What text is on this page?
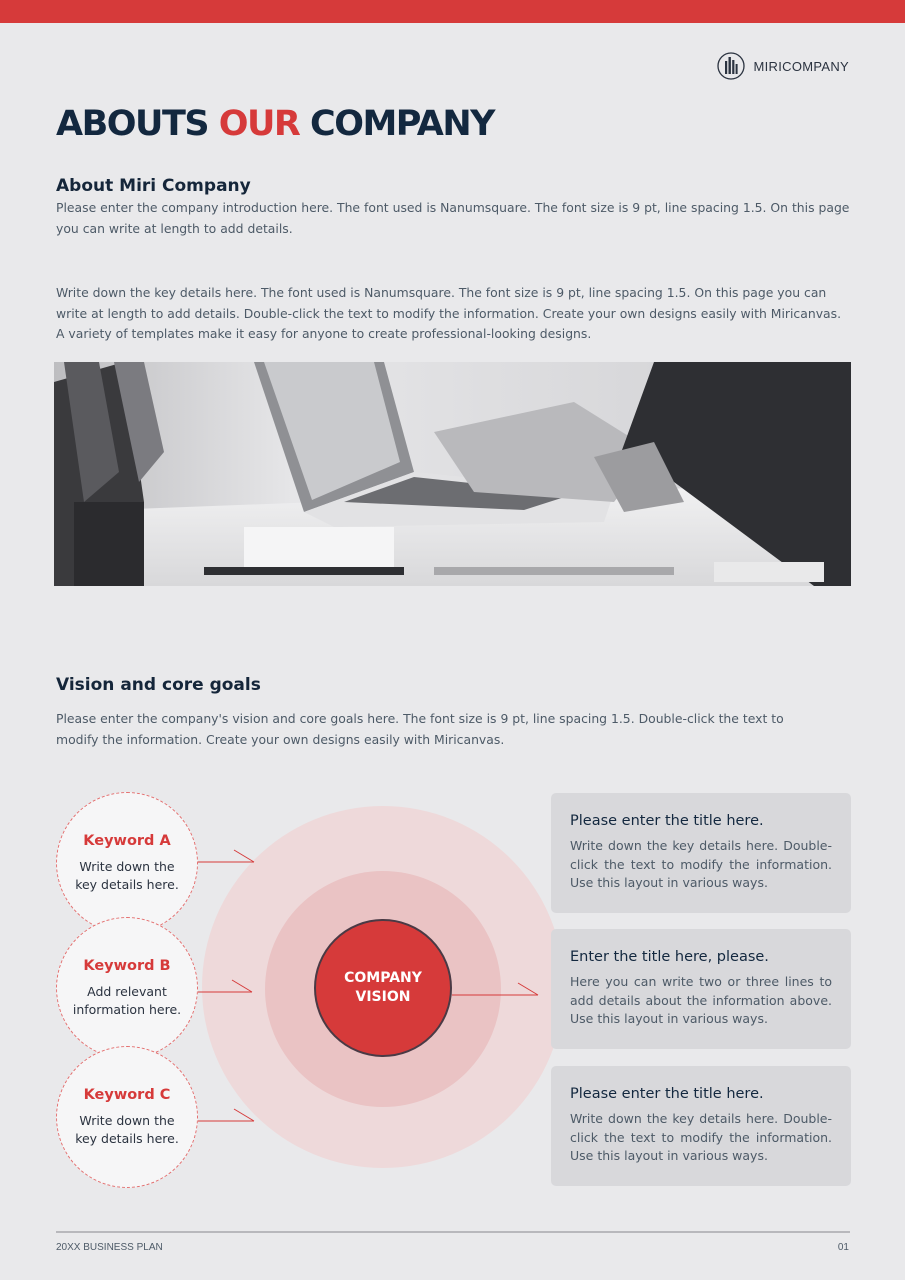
MIRICOMPANY
ABOUTS OUR COMPANY
About Miri Company
Please enter the company introduction here. The font used is Nanumsquare. The font size is 9 pt, line spacing 1.5. On this page you can write at length to add details.

Write down the key details here. The font used is Nanumsquare. The font size is 9 pt, line spacing 1.5. On this page you can write at length to add details. Double-click the text to modify the information. Create your own designs easily with Miricanvas. A variety of templates make it easy for anyone to create professional-looking designs.

Vision and core goals

Please enter the company's vision and core goals here. The font size is 9 pt, line spacing 1.5. Double-click the text to modify the information. Create your own designs easily with Miricanvas.

COMPANY
VISION
Keyword A
Write down the
key details here.
Keyword B
Add relevant
information here.
Keyword C
Write down the
key details here.
Please enter the title here.
Write down the key details here. Double-click the text to modify the information. Use this layout in various ways.
Enter the title here, please.
Here you can write two or three lines to add details about the information above. Use this layout in various ways.
Please enter the title here.
Write down the key details here. Double-click the text to modify the information. Use this layout in various ways.
20XX BUSINESS PLAN	01
